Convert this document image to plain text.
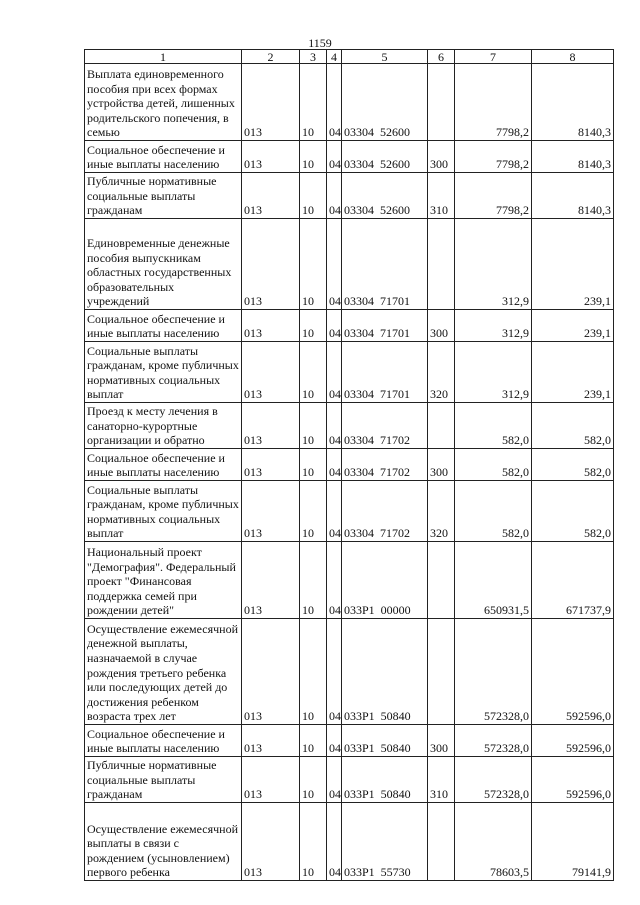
1159
1	2	3	4	5	6	7	8
Выплата единовременного пособия при всех формах устройства детей, лишенных родительского попечения, в семью	013	10	04	03304  52600		7798,2	8140,3
Социальное обеспечение и иные выплаты населению	013	10	04	03304  52600	300	7798,2	8140,3
Публичные нормативные социальные выплаты гражданам	013	10	04	03304  52600	310	7798,2	8140,3
Единовременные денежные пособия выпускникам областных государственных образовательных учреждений	013	10	04	03304  71701		312,9	239,1
Социальное обеспечение и иные выплаты населению	013	10	04	03304  71701	300	312,9	239,1
Социальные выплаты гражданам, кроме публичных нормативных социальных выплат	013	10	04	03304  71701	320	312,9	239,1
Проезд к месту лечения в санаторно-курортные организации и обратно	013	10	04	03304  71702		582,0	582,0
Социальное обеспечение и иные выплаты населению	013	10	04	03304  71702	300	582,0	582,0
Социальные выплаты гражданам, кроме публичных нормативных социальных выплат	013	10	04	03304  71702	320	582,0	582,0
Национальный проект "Демография". Федеральный проект "Финансовая поддержка семей при рождении детей"	013	10	04	033P1  00000		650931,5	671737,9
Осуществление ежемесячной денежной выплаты, назначаемой в случае рождения третьего ребенка или последующих детей до достижения ребенком возраста трех лет	013	10	04	033P1  50840		572328,0	592596,0
Социальное обеспечение и иные выплаты населению	013	10	04	033P1  50840	300	572328,0	592596,0
Публичные нормативные социальные выплаты гражданам	013	10	04	033P1  50840	310	572328,0	592596,0
Осуществление ежемесячной выплаты в связи с рождением (усыновлением) первого ребенка	013	10	04	033P1  55730		78603,5	79141,9
